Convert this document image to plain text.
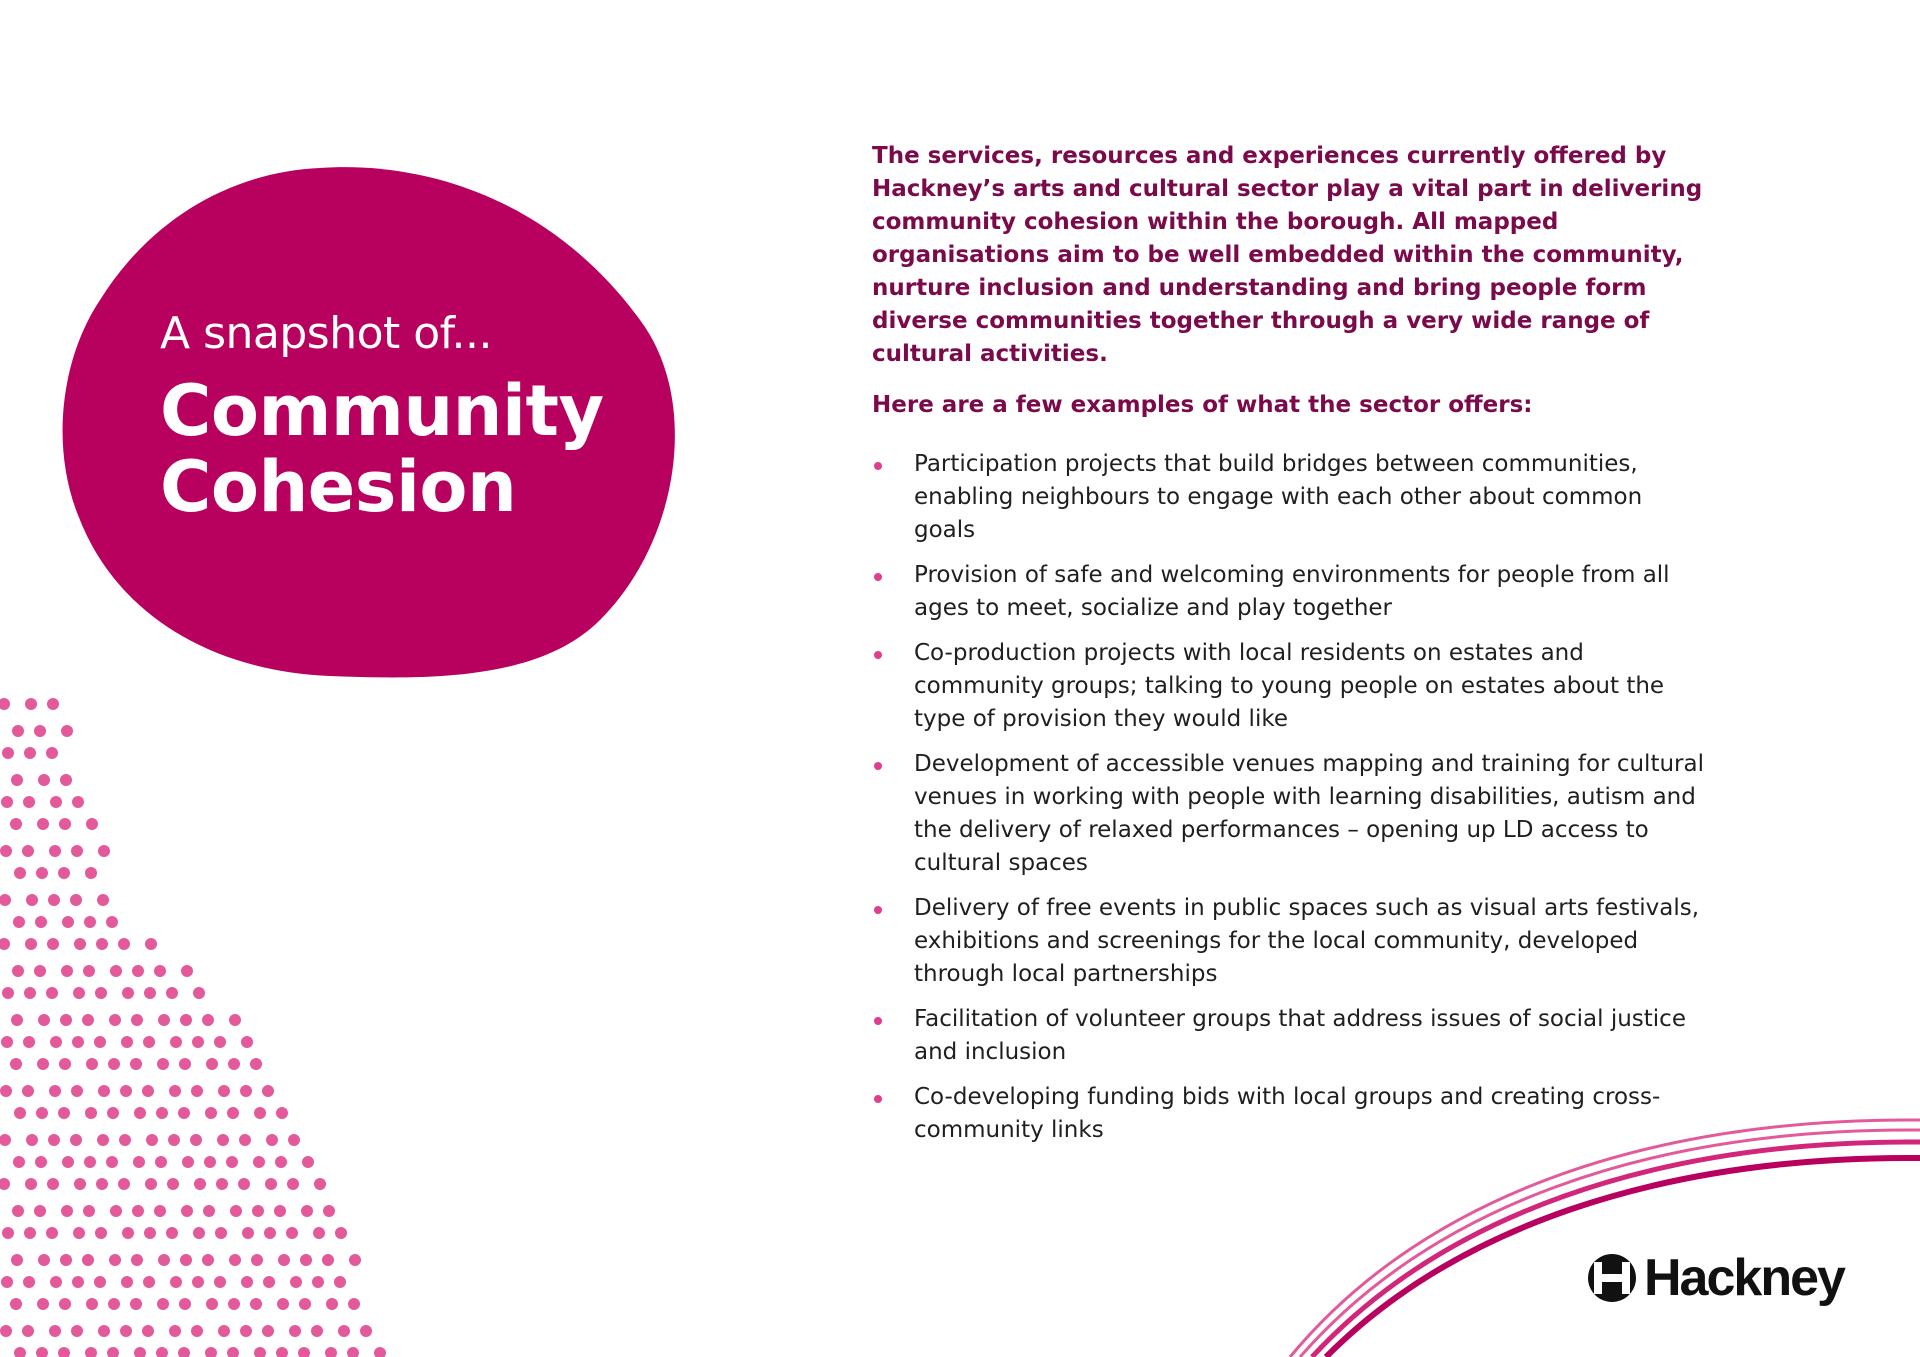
A snapshot of...

Community Cohesion

The services, resources and experiences currently offered by Hackney’s arts and cultural sector play a vital part in delivering community cohesion within the borough. All mapped organisations aim to be well embedded within the community, nurture inclusion and understanding and bring people form diverse communities together through a very wide range of cultural activities.

Here are a few examples of what the sector offers:

Participation projects that build bridges between communities, enabling neighbours to engage with each other about common goals
Provision of safe and welcoming environments for people from all ages to meet, socialize and play together
Co-production projects with local residents on estates and community groups; talking to young people on estates about the type of provision they would like
Development of accessible venues mapping and training for cultural venues in working with people with learning disabilities, autism and the delivery of relaxed performances – opening up LD access to cultural spaces
Delivery of free events in public spaces such as visual arts festivals, exhibitions and screenings for the local community, developed through local partnerships
Facilitation of volunteer groups that address issues of social justice and inclusion
Co-developing funding bids with local groups and creating cross-community links
Hackney
